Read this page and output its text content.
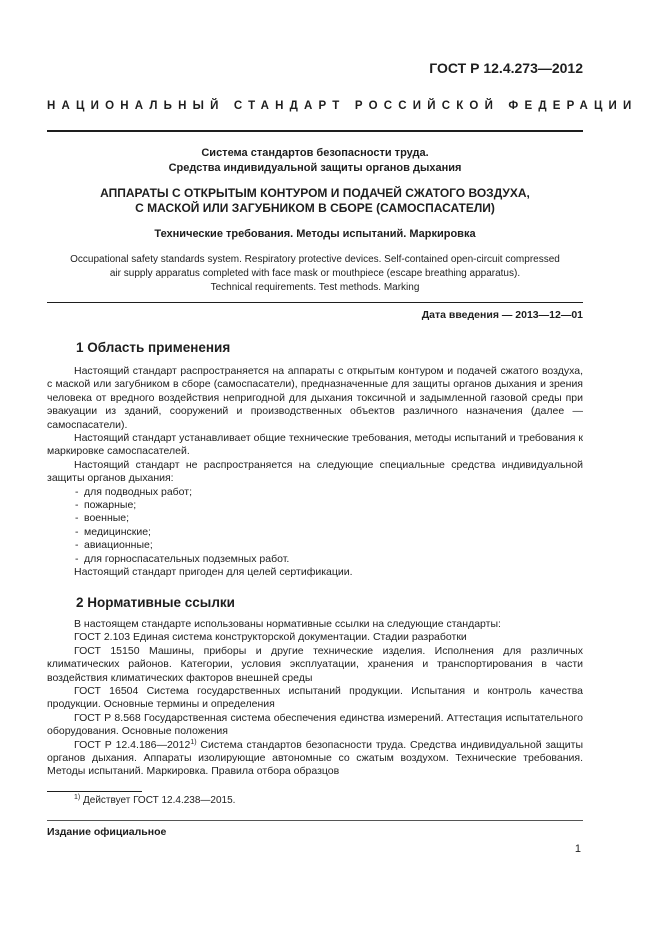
ГОСТ Р 12.4.273—2012
НАЦИОНАЛЬНЫЙ СТАНДАРТ РОССИЙСКОЙ ФЕДЕРАЦИИ
Система стандартов безопасности труда.
Средства индивидуальной защиты органов дыхания
АППАРАТЫ С ОТКРЫТЫМ КОНТУРОМ И ПОДАЧЕЙ СЖАТОГО ВОЗДУХА,
С МАСКОЙ ИЛИ ЗАГУБНИКОМ В СБОРЕ (САМОСПАСАТЕЛИ)
Технические требования. Методы испытаний. Маркировка
Occupational safety standards system. Respiratory protective devices. Self-contained open-circuit compressed
air supply apparatus completed with face mask or mouthpiece (escape breathing apparatus).
Technical requirements. Test methods. Marking
Дата введения — 2013—12—01
1 Область применения

Настоящий стандарт распространяется на аппараты с открытым контуром и подачей сжатого воздуха, с маской или загубником в сборе (самоспасатели), предназначенные для защиты органов дыхания и зрения человека от вредного воздействия непригодной для дыхания токсичной и задымленной газовой среды при эвакуации из зданий, сооружений и производственных объектов различного назначения (далее — самоспасатели).

Настоящий стандарт устанавливает общие технические требования, методы испытаний и требования к маркировке самоспасателей.

Настоящий стандарт не распространяется на следующие специальные средства индивидуальной защиты органов дыхания:

- для подводных работ;
- пожарные;
- военные;
- медицинские;
- авиационные;
- для горноспасательных подземных работ.

Настоящий стандарт пригоден для целей сертификации.

2 Нормативные ссылки

В настоящем стандарте использованы нормативные ссылки на следующие стандарты:

ГОСТ 2.103 Единая система конструкторской документации. Стадии разработки

ГОСТ 15150 Машины, приборы и другие технические изделия. Исполнения для различных климатических районов. Категории, условия эксплуатации, хранения и транспортирования в части воздействия климатических факторов внешней среды

ГОСТ 16504 Система государственных испытаний продукции. Испытания и контроль качества продукции. Основные термины и определения

ГОСТ Р 8.568 Государственная система обеспечения единства измерений. Аттестация испытательного оборудования. Основные положения

ГОСТ Р 12.4.186—2012$^{1)}$ Система стандартов безопасности труда. Средства индивидуальной защиты органов дыхания. Аппараты изолирующие автономные со сжатым воздухом. Технические требования. Методы испытаний. Маркировка. Правила отбора образцов

$^{1)}$ Действует ГОСТ 12.4.238—2015.
Издание официальное
1
